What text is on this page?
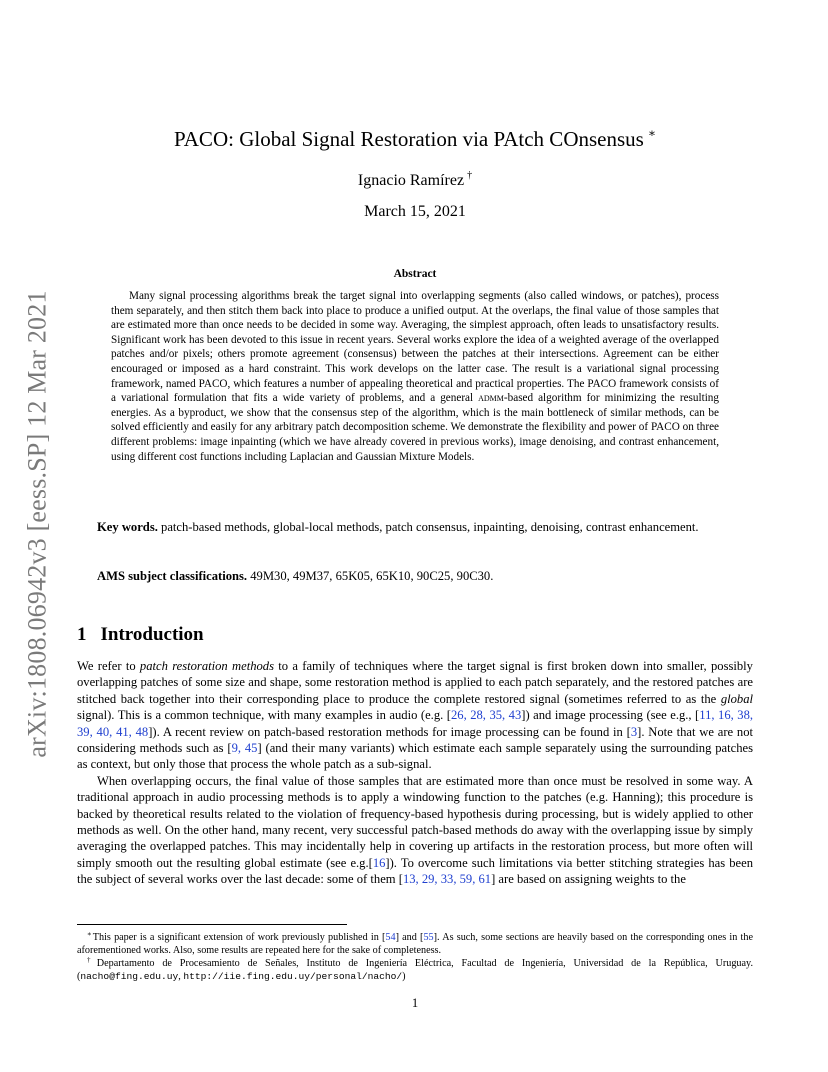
arXiv:1808.06942v3 [eess.SP] 12 Mar 2021
PACO: Global Signal Restoration via PAtch COnsensus ∗
Ignacio Ramírez †
March 15, 2021
Abstract
Many signal processing algorithms break the target signal into overlapping segments (also called windows, or patches), process them separately, and then stitch them back into place to produce a unified output. At the overlaps, the final value of those samples that are estimated more than once needs to be decided in some way. Averaging, the simplest approach, often leads to unsatisfactory results. Significant work has been devoted to this issue in recent years. Several works explore the idea of a weighted average of the overlapped patches and/or pixels; others promote agreement (consensus) between the patches at their intersections. Agreement can be either encouraged or imposed as a hard constraint. This work develops on the latter case. The result is a variational signal processing framework, named PACO, which features a number of appealing theoretical and practical properties. The PACO framework consists of a variational formulation that fits a wide variety of problems, and a general admm-based algorithm for minimizing the resulting energies. As a byproduct, we show that the consensus step of the algorithm, which is the main bottleneck of similar methods, can be solved efficiently and easily for any arbitrary patch decomposition scheme. We demonstrate the flexibility and power of PACO on three different problems: image inpainting (which we have already covered in previous works), image denoising, and contrast enhancement, using different cost functions including Laplacian and Gaussian Mixture Models.
Key words. patch-based methods, global-local methods, patch consensus, inpainting, denoising, contrast enhancement.
AMS subject classifications. 49M30, 49M37, 65K05, 65K10, 90C25, 90C30.
1 Introduction

We refer to patch restoration methods to a family of techniques where the target signal is first broken down into smaller, possibly overlapping patches of some size and shape, some restoration method is applied to each patch separately, and the restored patches are stitched back together into their corresponding place to produce the complete restored signal (sometimes referred to as the global signal). This is a common technique, with many examples in audio (e.g. [26, 28, 35, 43]) and image processing (see e.g., [11, 16, 38, 39, 40, 41, 48]). A recent review on patch-based restoration methods for image processing can be found in [3]. Note that we are not considering methods such as [9, 45] (and their many variants) which estimate each sample separately using the surrounding patches as context, but only those that process the whole patch as a sub-signal.

When overlapping occurs, the final value of those samples that are estimated more than once must be resolved in some way. A traditional approach in audio processing methods is to apply a windowing function to the patches (e.g. Hanning); this procedure is backed by theoretical results related to the violation of frequency-based hypothesis during processing, but is widely applied to other methods as well. On the other hand, many recent, very successful patch-based methods do away with the overlapping issue by simply averaging the overlapped patches. This may incidentally help in covering up artifacts in the restoration process, but more often will simply smooth out the resulting global estimate (see e.g.[16]). To overcome such limitations via better stitching strategies has been the subject of several works over the last decade: some of them [13, 29, 33, 59, 61] are based on assigning weights to the

∗This paper is a significant extension of work previously published in [54] and [55]. As such, some sections are heavily based on the corresponding ones in the aforementioned works. Also, some results are repeated here for the sake of completeness.
†Departamento de Procesamiento de Señales, Instituto de Ingeniería Eléctrica, Facultad de Ingeniería, Universidad de la República, Uruguay. (nacho@fing.edu.uy, http://iie.fing.edu.uy/personal/nacho/)
1
